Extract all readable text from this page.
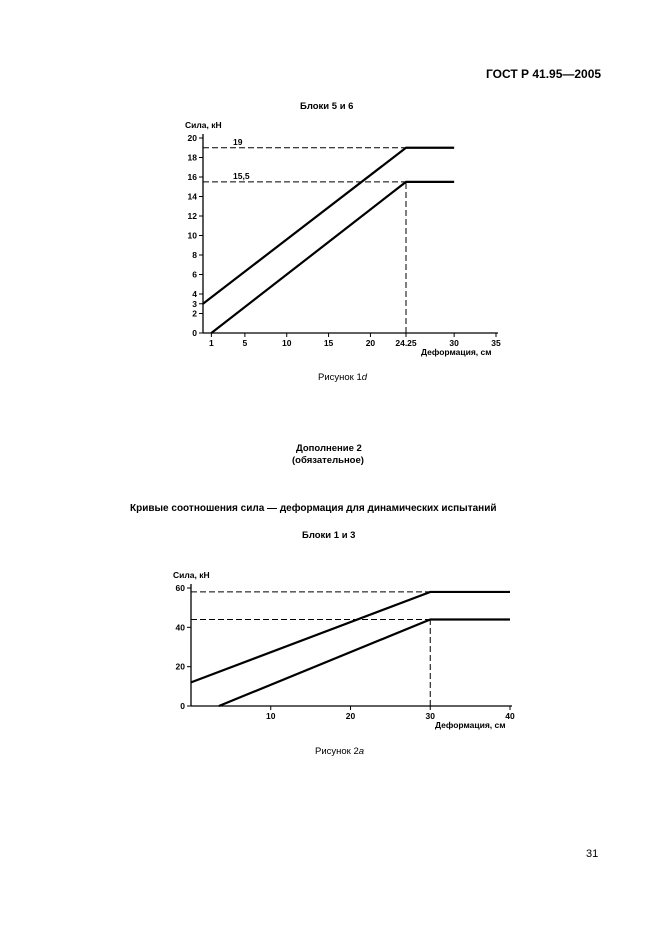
ГОСТ Р 41.95—2005
Блоки 5 и 6
0
2
3
4
6
8
10
12
14
16
18
20
1	5	10	15	20 24.25	30	35
19
15,5
Сила, кН
Деформация, см
0
20
40
60
10	20	30	40
Сила, кН
Деформация, см
Рисунок 1d
Дополнение 2
(обязательное)
Кривые соотношения сила — деформация для динамических испытаний
Блоки 1 и 3
Рисунок 2a
31
